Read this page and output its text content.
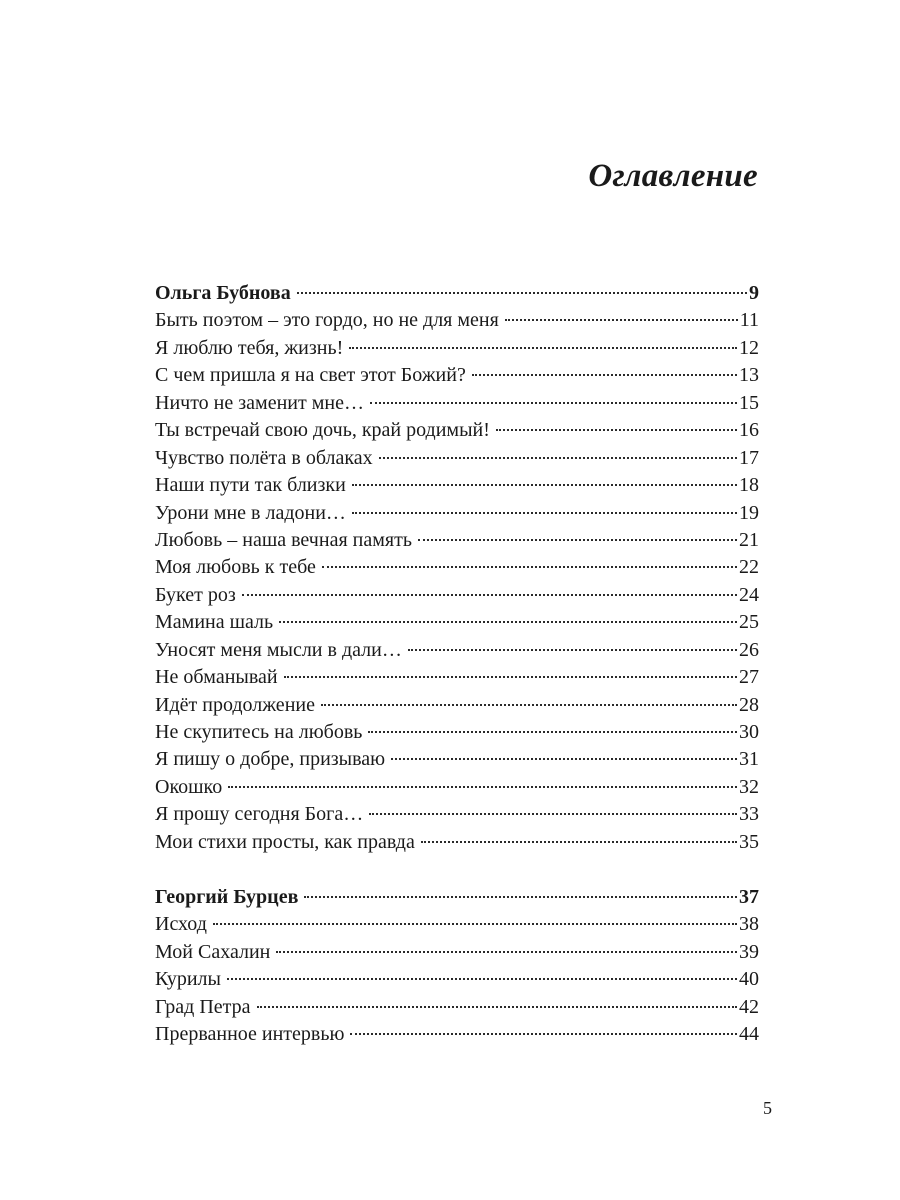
Оглавление
Ольга Бубнова	9
Быть поэтом – это гордо, но не для меня	11
Я люблю тебя, жизнь!	12
С чем пришла я на свет этот Божий?	13
Ничто не заменит мне…	15
Ты встречай свою дочь, край родимый!	16
Чувство полёта в облаках	17
Наши пути так близки	18
Урони мне в ладони…	19
Любовь – наша вечная память	21
Моя любовь к тебе	22
Букет роз	24
Мамина шаль	25
Уносят меня мысли в дали…	26
Не обманывай	27
Идёт продолжение	28
Не скупитесь на любовь	30
Я пишу о добре, призываю	31
Окошко	32
Я прошу сегодня Бога…	33
Мои стихи просты, как правда	35
Георгий Бурцев	37
Исход	38
Мой Сахалин	39
Курилы	40
Град Петра	42
Прерванное интервью	44
5
